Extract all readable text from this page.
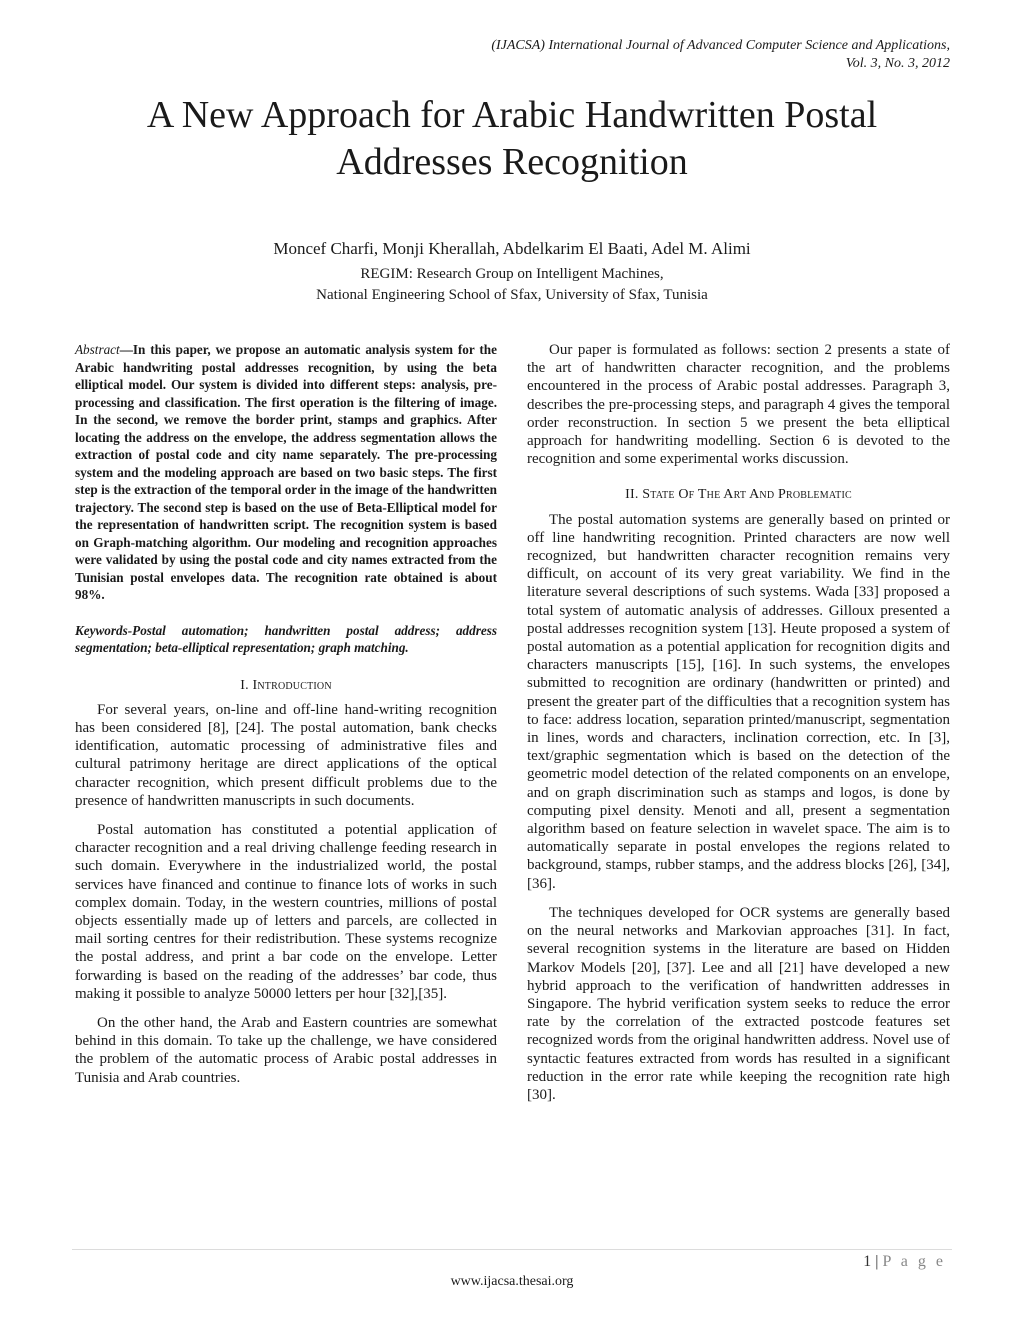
(IJACSA) International Journal of Advanced Computer Science and Applications,
Vol. 3, No. 3, 2012
A New Approach for Arabic Handwritten Postal
Addresses Recognition
Moncef Charfi, Monji Kherallah, Abdelkarim El Baati, Adel M. Alimi
REGIM: Research Group on Intelligent Machines,
National Engineering School of Sfax, University of Sfax, Tunisia

Abstract—In this paper, we propose an automatic analysis system for the Arabic handwriting postal addresses recognition, by using the beta elliptical model. Our system is divided into different steps: analysis, pre-processing and classification. The first operation is the filtering of image. In the second, we remove the border print, stamps and graphics. After locating the address on the envelope, the address segmentation allows the extraction of postal code and city name separately. The pre-processing system and the modeling approach are based on two basic steps. The first step is the extraction of the temporal order in the image of the handwritten trajectory. The second step is based on the use of Beta-Elliptical model for the representation of handwritten script. The recognition system is based on Graph-matching algorithm. Our modeling and recognition approaches were validated by using the postal code and city names extracted from the Tunisian postal envelopes data. The recognition rate obtained is about 98%.

Keywords-Postal automation; handwritten postal address; address segmentation; beta-elliptical representation; graph matching.

I. Introduction

For several years, on-line and off-line hand-writing recognition has been considered [8], [24]. The postal automation, bank checks identification, automatic processing of administrative files and cultural patrimony heritage are direct applications of the optical character recognition, which present difficult problems due to the presence of handwritten manuscripts in such documents.

Postal automation has constituted a potential application of character recognition and a real driving challenge feeding research in such domain. Everywhere in the industrialized world, the postal services have financed and continue to finance lots of works in such complex domain. Today, in the western countries, millions of postal objects essentially made up of letters and parcels, are collected in mail sorting centres for their redistribution. These systems recognize the postal address, and print a bar code on the envelope. Letter forwarding is based on the reading of the addresses’ bar code, thus making it possible to analyze 50000 letters per hour [32],[35].

On the other hand, the Arab and Eastern countries are somewhat behind in this domain. To take up the challenge, we have considered the problem of the automatic process of Arabic postal addresses in Tunisia and Arab countries.

Our paper is formulated as follows: section 2 presents a state of the art of handwritten character recognition, and the problems encountered in the process of Arabic postal addresses. Paragraph 3, describes the pre-processing steps, and paragraph 4 gives the temporal order reconstruction. In section 5 we present the beta elliptical approach for handwriting modelling. Section 6 is devoted to the recognition and some experimental works discussion.

II. State Of The Art And Problematic

The postal automation systems are generally based on printed or off line handwriting recognition. Printed characters are now well recognized, but handwritten character recognition remains very difficult, on account of its very great variability. We find in the literature several descriptions of such systems. Wada [33] proposed a total system of automatic analysis of addresses. Gilloux presented a postal addresses recognition system [13]. Heute proposed a system of postal automation as a potential application for recognition digits and characters manuscripts [15], [16]. In such systems, the envelopes submitted to recognition are ordinary (handwritten or printed) and present the greater part of the difficulties that a recognition system has to face: address location, separation printed/manuscript, segmentation in lines, words and characters, inclination correction, etc. In [3], text/graphic segmentation which is based on the detection of the geometric model detection of the related components on an envelope, and on graph discrimination such as stamps and logos, is done by computing pixel density. Menoti and all, present a segmentation algorithm based on feature selection in wavelet space. The aim is to automatically separate in postal envelopes the regions related to background, stamps, rubber stamps, and the address blocks [26], [34], [36].

The techniques developed for OCR systems are generally based on the neural networks and Markovian approaches [31]. In fact, several recognition systems in the literature are based on Hidden Markov Models [20], [37]. Lee and all [21] have developed a new hybrid approach to the verification of handwritten addresses in Singapore. The hybrid verification system seeks to reduce the error rate by the correlation of the extracted postcode features set recognized words from the original handwritten address. Novel use of syntactic features extracted from words has resulted in a significant reduction in the error rate while keeping the recognition rate high [30].

1 | P a g e
www.ijacsa.thesai.org
